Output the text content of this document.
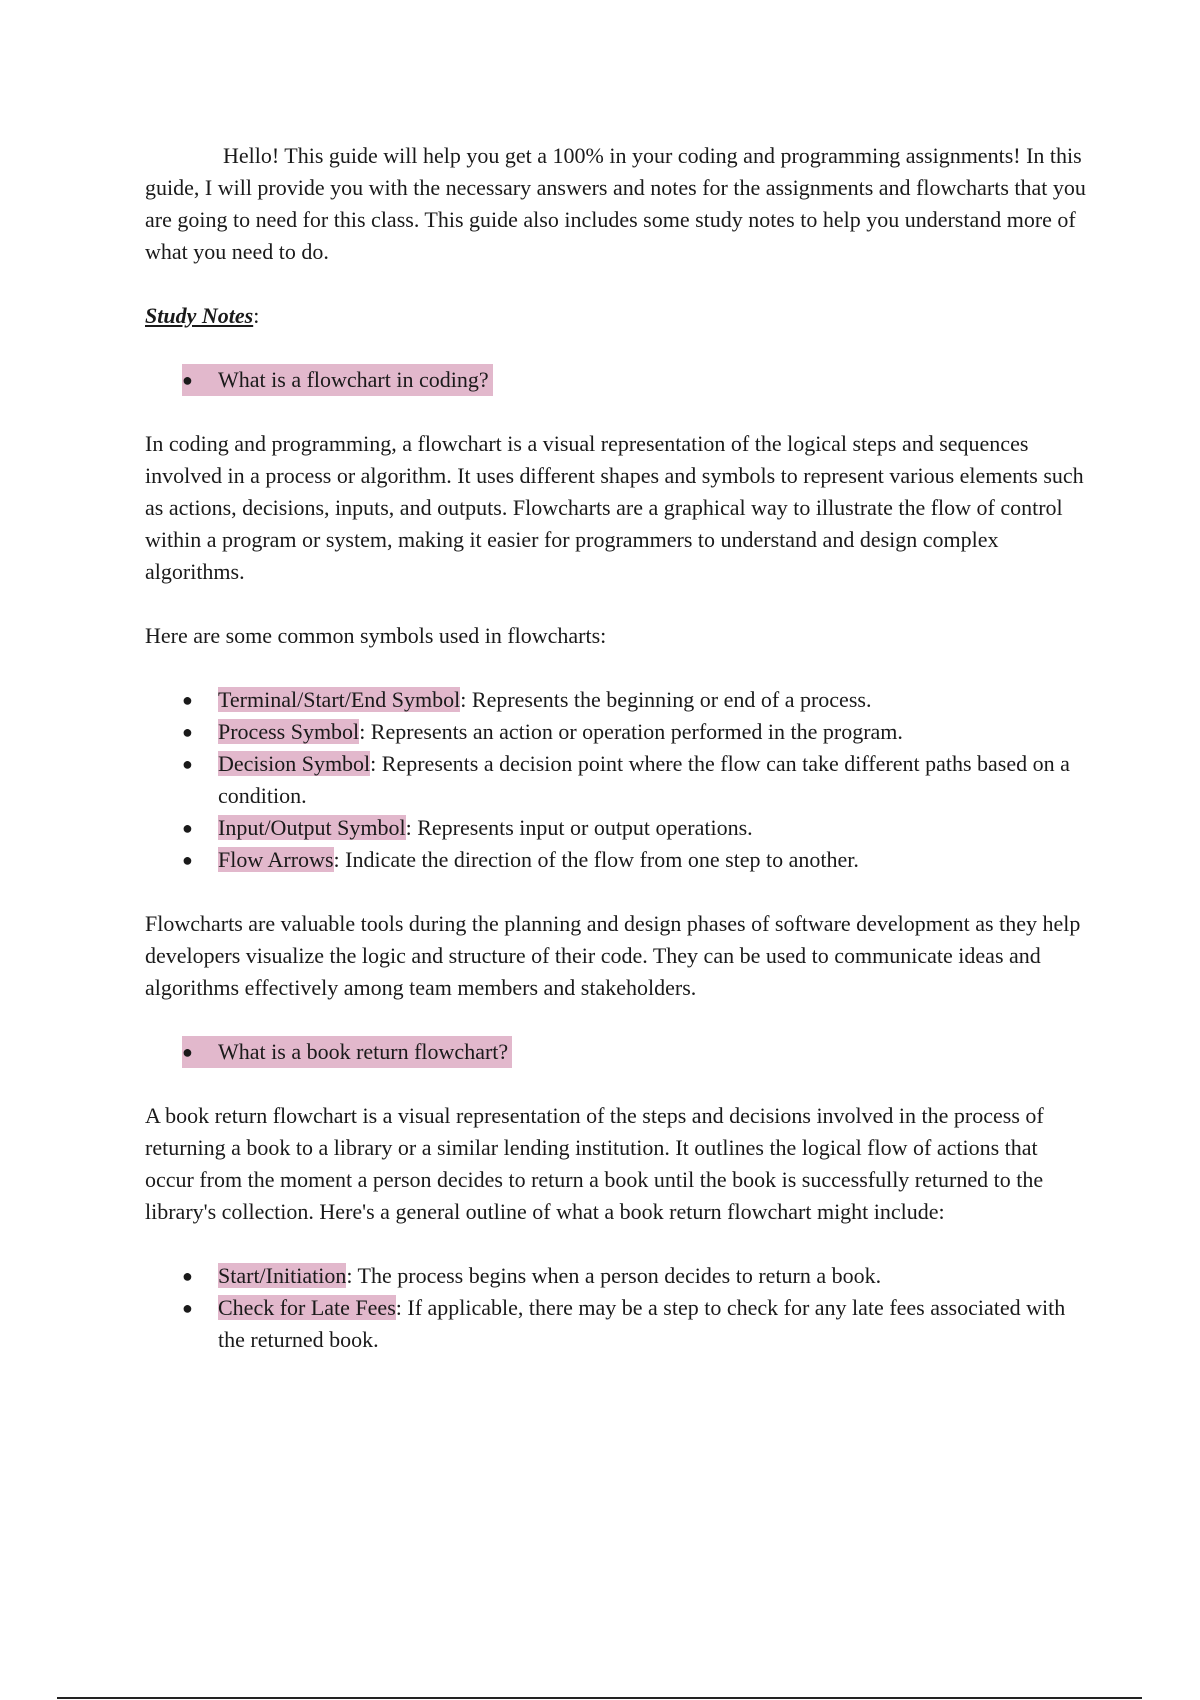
Hello! This guide will help you get a 100% in your coding and programming assignments! In this guide, I will provide you with the necessary answers and notes for the assignments and flowcharts that you are going to need for this class. This guide also includes some study notes to help you understand more of what you need to do.

Study Notes:

● What is a flowchart in coding?

In coding and programming, a flowchart is a visual representation of the logical steps and sequences involved in a process or algorithm. It uses different shapes and symbols to represent various elements such as actions, decisions, inputs, and outputs. Flowcharts are a graphical way to illustrate the flow of control within a program or system, making it easier for programmers to understand and design complex algorithms.

Here are some common symbols used in flowcharts:

● Terminal/Start/End Symbol: Represents the beginning or end of a process.
● Process Symbol: Represents an action or operation performed in the program.
● Decision Symbol: Represents a decision point where the flow can take different paths based on a condition.
● Input/Output Symbol: Represents input or output operations.
● Flow Arrows: Indicate the direction of the flow from one step to another.

Flowcharts are valuable tools during the planning and design phases of software development as they help developers visualize the logic and structure of their code. They can be used to communicate ideas and algorithms effectively among team members and stakeholders.

● What is a book return flowchart?

A book return flowchart is a visual representation of the steps and decisions involved in the process of returning a book to a library or a similar lending institution. It outlines the logical flow of actions that occur from the moment a person decides to return a book until the book is successfully returned to the library's collection. Here's a general outline of what a book return flowchart might include:

● Start/Initiation: The process begins when a person decides to return a book.
● Check for Late Fees: If applicable, there may be a step to check for any late fees associated with the returned book.
